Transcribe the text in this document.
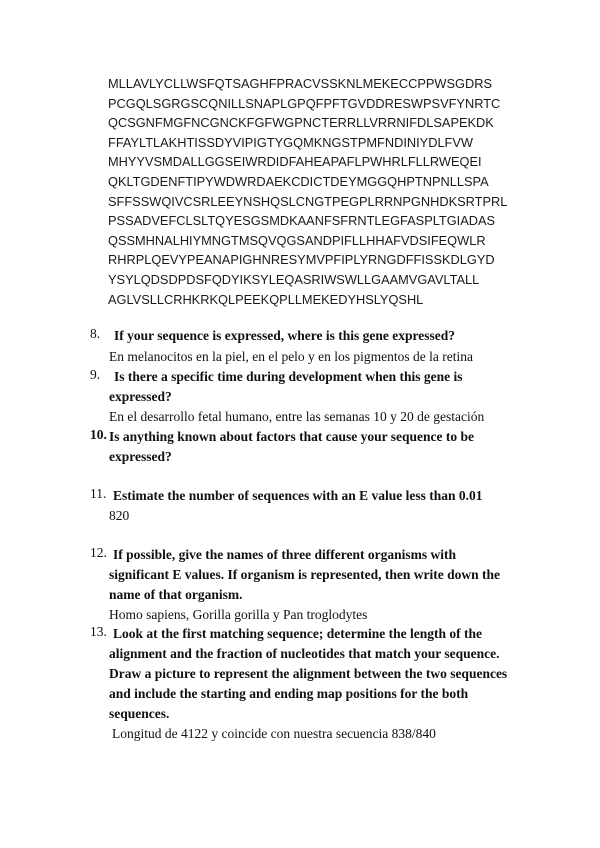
MLLAVLYCLLWSFQTSAGHFPRACVSSKNLMEKECCPPWSGDRS
PCGQLSGRGSCQNILLSNAPLGPQFPFTGVDDRESWPSVFYNRTC
QCSGNFMGFNCGNCKFGFWGPNCTERRLLVRRNIFDLSAPEKDK
FFAYLTLAKHTISSDYVIPIGTYGQMKNGSTPMFNDINIYDLFVW
MHYYVSMDALLGGSEIWRDIDFAHEAPAFLPWHRLFLLRWEQEI
QKLTGDENFTIPYWDWRDAEKCDICTDEYMGGQHPTNPNLLSPA
SFFSSWQIVCSRLEEYNSHQSLCNGTPEGPLRRNPGNHDKSRTPRL
PSSADVEFCLSLTQYESGSMDKAANFSFRNTLEGFASPLTGIADAS
QSSMHNALHIYMNGTMSQVQGSANDPIFLLHHAFVDSIFEQWLR
RHRPLQEVYPEANAPIGHNRESYMVPFIPLYRNGDFFISSKDLGYD
YSYLQDSDPDSFQDYIKSYLEQASRIWSWLLGAAMVGAVLTALL
AGLVSLLCRHKRKQLPEEKQPLLMEKEDYHSLYQSHL
8. If your sequence is expressed, where is this gene expressed?
En melanocitos en la piel, en el pelo y en los pigmentos de la retina
9. Is there a specific time during development when this gene is
expressed?
En el desarrollo fetal humano, entre las semanas 10 y 20 de gestación
10. Is anything known about factors that cause your sequence to be
expressed?
11. Estimate the number of sequences with an E value less than 0.01
820
12. If possible, give the names of three different organisms with
significant E values. If organism is represented, then write down the
name of that organism.
Homo sapiens, Gorilla gorilla y Pan troglodytes
13. Look at the first matching sequence; determine the length of the
alignment and the fraction of nucleotides that match your sequence.
Draw a picture to represent the alignment between the two sequences
and include the starting and ending map positions for the both
sequences.
Longitud de 4122 y coincide con nuestra secuencia 838/840
